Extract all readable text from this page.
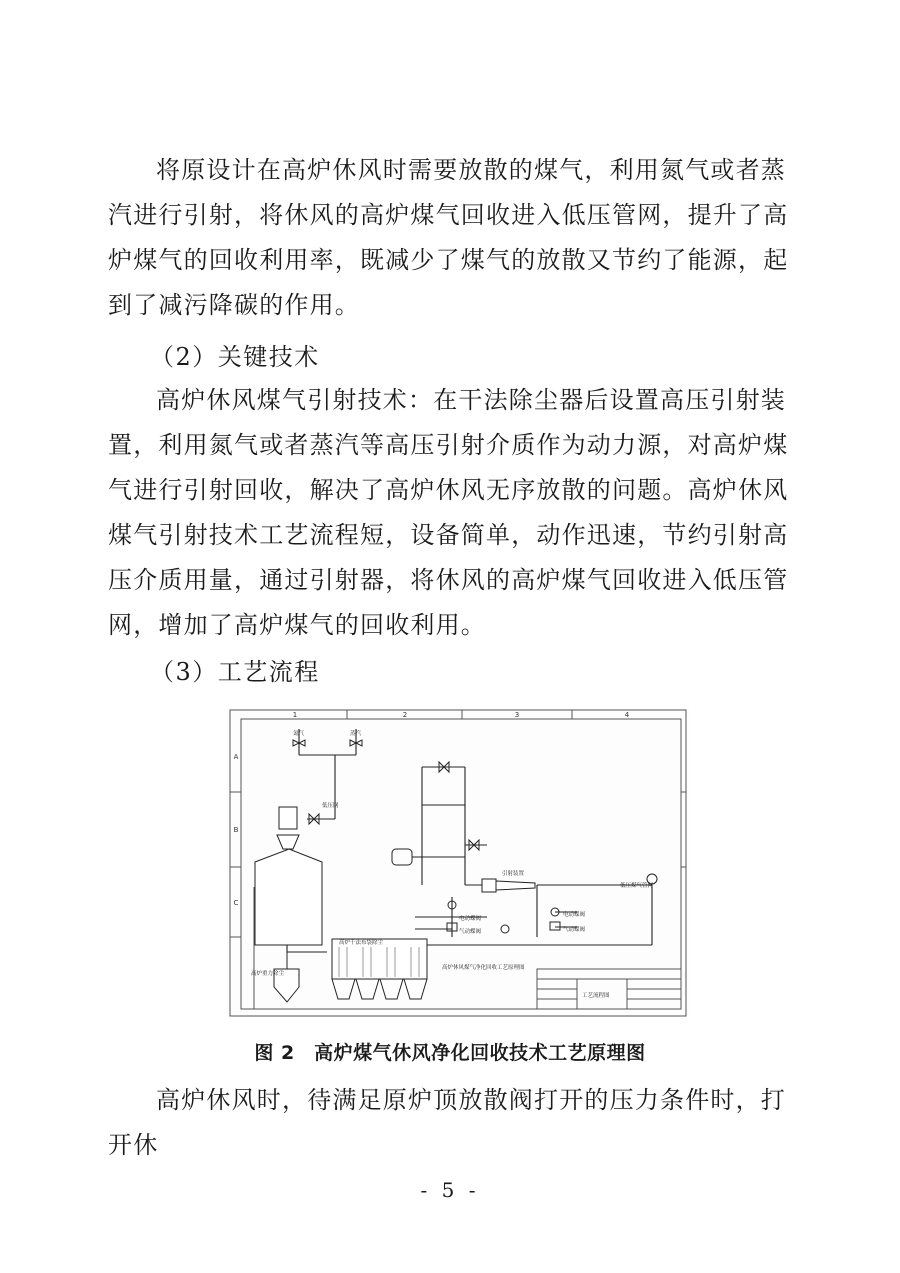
将原设计在高炉休风时需要放散的煤气，利用氮气或者蒸汽进行引射，将休风的高炉煤气回收进入低压管网，提升了高炉煤气的回收利用率，既减少了煤气的放散又节约了能源，起到了减污降碳的作用。

（2）关键技术

高炉休风煤气引射技术：在干法除尘器后设置高压引射装置，利用氮气或者蒸汽等高压引射介质作为动力源，对高炉煤气进行引射回收，解决了高炉休风无序放散的问题。高炉休风煤气引射技术工艺流程短，设备简单，动作迅速，节约引射高压介质用量，通过引射器，将休风的高炉煤气回收进入低压管网，增加了高炉煤气的回收利用。

（3）工艺流程

1	2	3	4
A
B
C
氮气	蒸汽
低压网
引射装置
低压煤气管网
高炉重力除尘
高炉干法布袋除尘
电动蝶阀
气动蝶阀
电动蝶阀
气动蝶阀
高炉休风煤气净化回收工艺原理图
工艺流程图
图 2　高炉煤气休风净化回收技术工艺原理图

高炉休风时，待满足原炉顶放散阀打开的压力条件时，打开休

- 5 -
